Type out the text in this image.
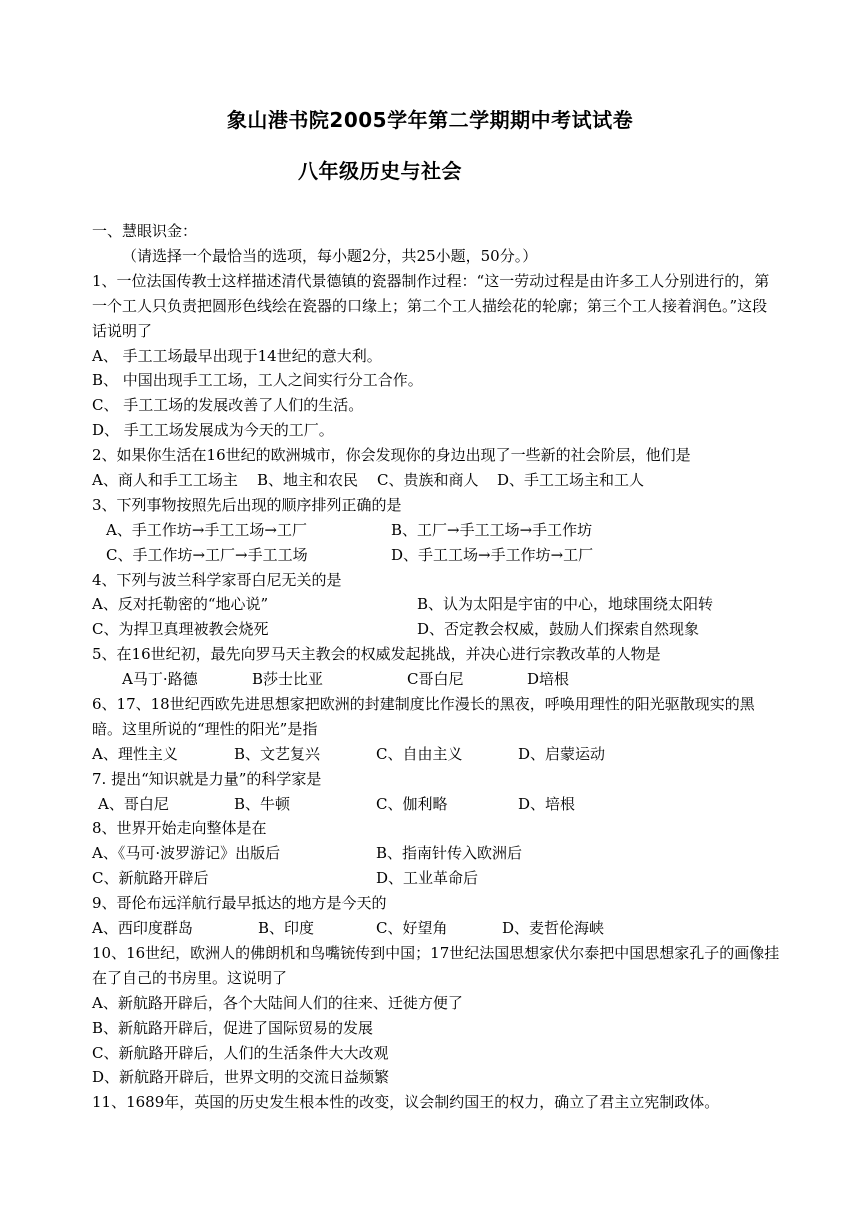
象山港书院2005学年第二学期期中考试试卷
八年级历史与社会
一、慧眼识金：
（请选择一个最恰当的选项，每小题2分，共25小题，50分。）
1、一位法国传教士这样描述清代景德镇的瓷器制作过程：“这一劳动过程是由许多工人分别进行的，第一个工人只负责把圆形色线绘在瓷器的口缘上；第二个工人描绘花的轮廓；第三个工人接着润色。”这段话说明了
A、 手工工场最早出现于14世纪的意大利。
B、 中国出现手工工场，工人之间实行分工合作。
C、 手工工场的发展改善了人们的生活。
D、 手工工场发展成为今天的工厂。
2、如果你生活在16世纪的欧洲城市，你会发现你的身边出现了一些新的社会阶层，他们是
A、商人和手工工场主	B、地主和农民	C、贵族和商人	D、手工工场主和工人
3、下列事物按照先后出现的顺序排列正确的是
A、手工作坊→手工工场→工厂	B、工厂→手工工场→手工作坊
C、手工作坊→工厂→手工工场	D、手工工场→手工作坊→工厂
4、下列与波兰科学家哥白尼无关的是
A、反对托勒密的“地心说”	B、认为太阳是宇宙的中心，地球围绕太阳转
C、为捍卫真理被教会烧死	D、否定教会权威，鼓励人们探索自然现象
5、在16世纪初，最先向罗马天主教会的权威发起挑战，并决心进行宗教改革的人物是
A马丁·路德	B莎士比亚	C哥白尼	D培根
6、17、18世纪西欧先进思想家把欧洲的封建制度比作漫长的黑夜，呼唤用理性的阳光驱散现实的黑暗。这里所说的“理性的阳光”是指
A、理性主义	B、文艺复兴	C、自由主义	D、启蒙运动
7. 提出“知识就是力量”的科学家是
A、哥白尼	B、牛顿	C、伽利略	D、培根
8、世界开始走向整体是在
A、《马可·波罗游记》出版后	B、指南针传入欧洲后
C、新航路开辟后	D、工业革命后
9、哥伦布远洋航行最早抵达的地方是今天的
A、西印度群岛	B、印度	C、好望角	D、麦哲伦海峡
10、16世纪，欧洲人的佛朗机和鸟嘴铳传到中国；17世纪法国思想家伏尔泰把中国思想家孔子的画像挂在了自己的书房里。这说明了
A、新航路开辟后，各个大陆间人们的往来、迁徙方便了
B、新航路开辟后，促进了国际贸易的发展
C、新航路开辟后，人们的生活条件大大改观
D、新航路开辟后，世界文明的交流日益频繁
11、1689年，英国的历史发生根本性的改变，议会制约国王的权力，确立了君主立宪制政体。
